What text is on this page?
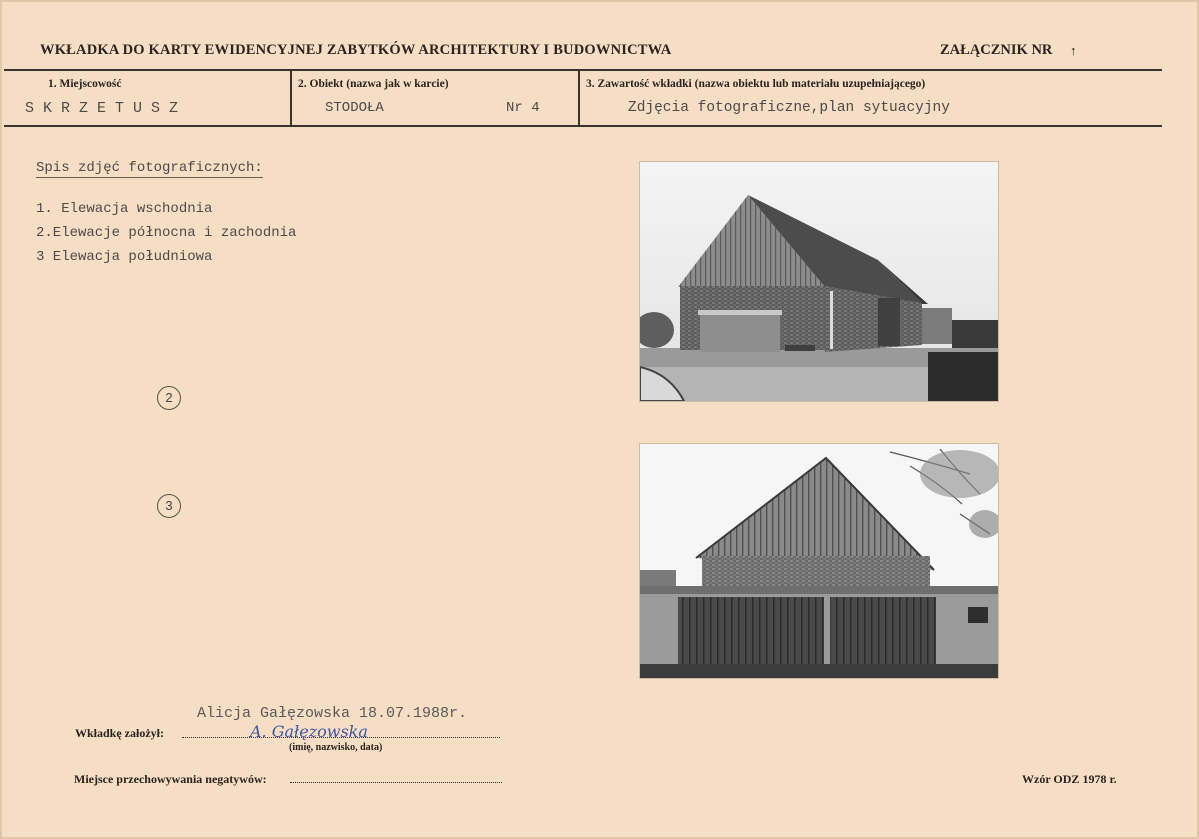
WKŁADKA DO KARTY EWIDENCYJNEJ ZABYTKÓW ARCHITEKTURY I BUDOWNICTWA	ZAŁĄCZNIK NR ↑
1. Miejscowość
S K R Z E T U S Z
2. Obiekt (nazwa jak w karcie)
STODOŁA	Nr 4
3. Zawartość wkładki (nazwa obiektu lub materiału uzupełniającego)
Zdjęcia fotograficzne,plan sytuacyjny
Spis zdjęć fotograficznych:
1. Elewacja wschodnia
2.Elewacje północna i zachodnia
3 Elewacja południowa
2
3
Alicja Gałęzowska 18.07.1988r.
Wkładkę założył:	A. Gałęzowska
(imię, nazwisko, data)
Miejsce przechowywania negatywów:	Wzór ODZ 1978 r.
